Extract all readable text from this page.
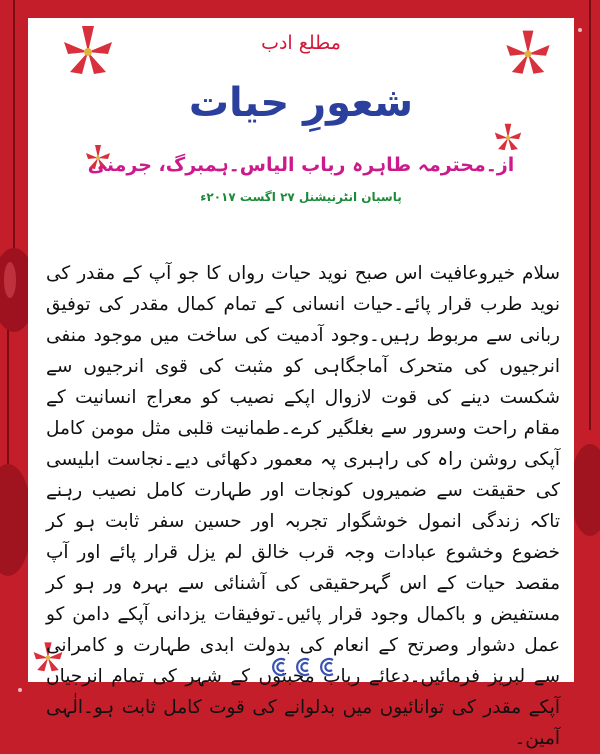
مطلع ادب
شعورِ حیات
از۔محترمہ طاہرہ رباب الیاس۔ہمبرگ، جرمنی
پاسبان انٹرنیشنل ۲۷ اگست ۲۰۱۷ء
سلام خیروعافیت اس صبح نوید حیات رواں کا جو آپ کے مقدر کی نوید طرب قرار پائے۔حیات انسانی کے تمام کمال مقدر کی توفیق ربانی سے مربوط رہیں۔وجود آدمیت کی ساخت میں موجود منفی انرجیوں کی متحرک آماجگاہی کو مثبت کی قوی انرجیوں سے شکست دینے کی قوت لازوال اپکے نصیب کو معراج انسانیت کے مقام راحت وسرور سے بغلگیر کرے۔طمانیت قلبی مثل مومن کامل آپکی روشن راہ کی راہبری پہ معمور دکھائی دیے۔نجاست ابلیسی کی حقیقت سے ضمیروں کونجات اور طہارت کامل نصیب رہنے تاکہ زندگی انمول خوشگوار تجربہ اور حسین سفر ثابت ہو کر خضوع وخشوع عبادات وجہ قرب خالق لم یزل قرار پائے اور آپ مقصد حیات کے اس گہرحقیقی کی آشنائی سے بہرہ ور ہو کر مستفیض و باکمال وجود قرار پائیں۔توفیقات یزدانی آپکے دامن کو عمل دشوار وصرتح کے انعام کی بدولت ابدی طہارت و کامرانی سے لبریز فرمائیں۔دعائے رباب محبتوں کے شہر کی تمام انرجیاں آپکے مقدر کی توانائیوں میں بدلوانے کی قوت کامل ثابت ہو۔الٰہی آمین۔
